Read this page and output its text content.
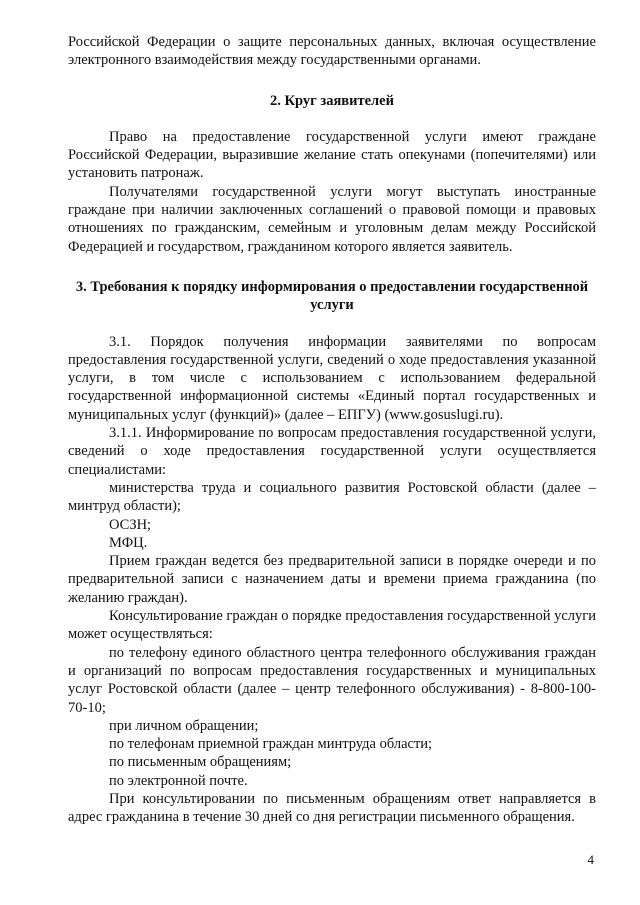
Российской Федерации о защите персональных данных, включая осуществление электронного взаимодействия между государственными органами.

2. Круг заявителей

Право на предоставление государственной услуги имеют граждане Российской Федерации, выразившие желание стать опекунами (попечителями) или установить патронаж.

Получателями государственной услуги могут выступать иностранные граждане при наличии заключенных соглашений о правовой помощи и правовых отношениях по гражданским, семейным и уголовным делам между Российской Федерацией и государством, гражданином которого является заявитель.

3. Требования к порядку информирования о предоставлении государственной услуги

3.1. Порядок получения информации заявителями по вопросам предоставления государственной услуги, сведений о ходе предоставления указанной услуги, в том числе с использованием с использованием федеральной государственной информационной системы «Единый портал государственных и муниципальных услуг (функций)» (далее – ЕПГУ) (www.gosuslugi.ru).

3.1.1. Информирование по вопросам предоставления государственной услуги, сведений о ходе предоставления государственной услуги осуществляется специалистами:

министерства труда и социального развития Ростовской области (далее – минтруд области);

ОСЗН;

МФЦ.

Прием граждан ведется без предварительной записи в порядке очереди и по предварительной записи с назначением даты и времени приема гражданина (по желанию граждан).

Консультирование граждан о порядке предоставления государственной услуги может осуществляться:

по телефону единого областного центра телефонного обслуживания граждан и организаций по вопросам предоставления государственных и муниципальных услуг Ростовской области (далее – центр телефонного обслуживания) - 8-800-100-70-10;

при личном обращении;

по телефонам приемной граждан минтруда области;

по письменным обращениям;

по электронной почте.

При консультировании по письменным обращениям ответ направляется в адрес гражданина в течение 30 дней со дня регистрации письменного обращения.

4
